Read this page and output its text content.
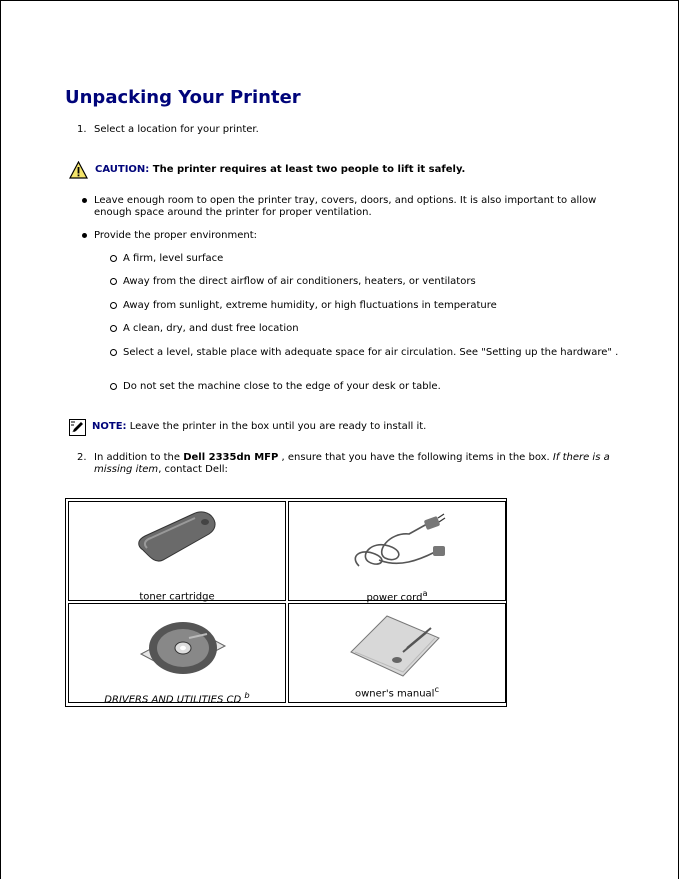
Unpacking Your Printer
1. Select a location for your printer.
CAUTION: The printer requires at least two people to lift it safely.
Leave enough room to open the printer tray, covers, doors, and options. It is also important to allow enough space around the printer for proper ventilation.
Provide the proper environment:
A firm, level surface
Away from the direct airflow of air conditioners, heaters, or ventilators
Away from sunlight, extreme humidity, or high fluctuations in temperature
A clean, dry, and dust free location
Select a level, stable place with adequate space for air circulation. See "Setting up the hardware" .
Do not set the machine close to the edge of your desk or table.
NOTE: Leave the printer in the box until you are ready to install it.
2. In addition to the Dell 2335dn MFP , ensure that you have the following items in the box. If there is a missing item, contact Dell:
toner cartridge	power cord$^a$
DRIVERS AND UTILITIES CD $^b$	owner's manual$^c$
